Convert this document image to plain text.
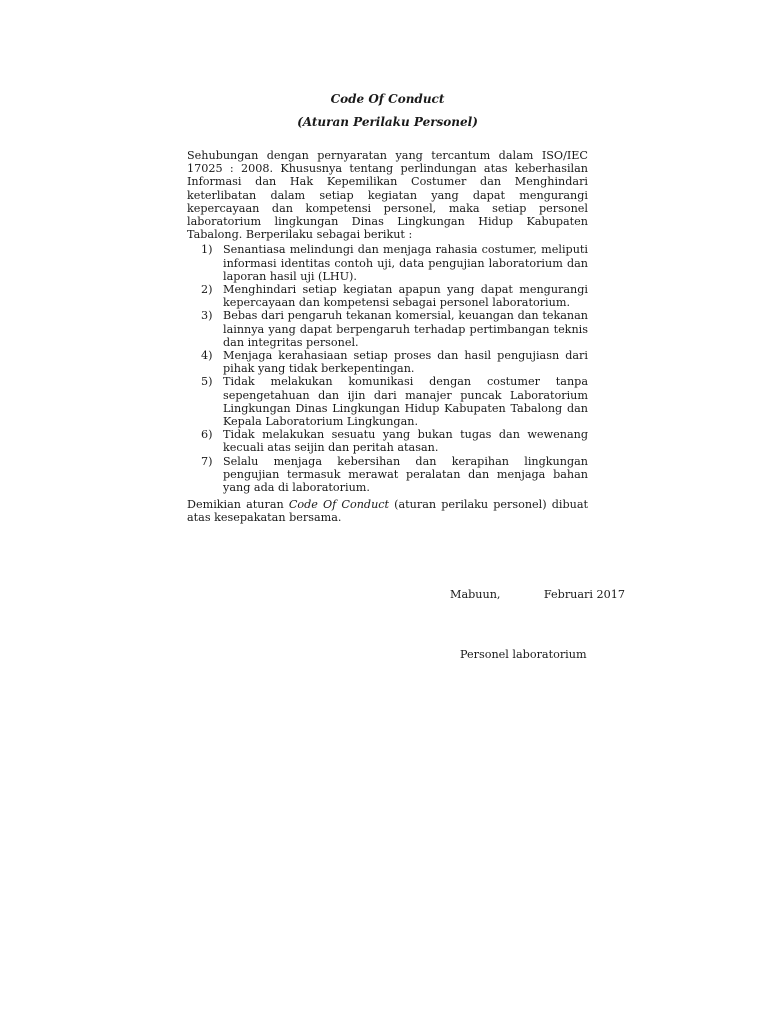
Code Of Conduct
(Aturan Perilaku Personel)

Sehubungan dengan pernyaratan yang tercantum dalam ISO/IEC 17025 : 2008. Khususnya tentang perlindungan atas keberhasilan Informasi dan Hak Kepemilikan Costumer dan Menghindari keterlibatan dalam setiap kegiatan yang dapat mengurangi kepercayaan dan kompetensi personel, maka setiap personel laboratorium lingkungan Dinas Lingkungan Hidup Kabupaten Tabalong. Berperilaku sebagai berikut :

1) Senantiasa melindungi dan menjaga rahasia costumer, meliputi informasi identitas contoh uji, data pengujian laboratorium dan laporan hasil uji (LHU).
2) Menghindari setiap kegiatan apapun yang dapat mengurangi kepercayaan dan kompetensi sebagai personel laboratorium.
3) Bebas dari pengaruh tekanan komersial, keuangan dan tekanan lainnya yang dapat berpengaruh terhadap pertimbangan teknis dan integritas personel.
4) Menjaga kerahasiaan setiap proses dan hasil pengujiasn dari pihak yang tidak berkepentingan.
5) Tidak melakukan komunikasi dengan costumer tanpa sepengetahuan dan ijin dari manajer puncak Laboratorium Lingkungan Dinas Lingkungan Hidup Kabupaten Tabalong dan Kepala Laboratorium Lingkungan.
6) Tidak melakukan sesuatu yang bukan tugas dan wewenang kecuali atas seijin dan peritah atasan.
7) Selalu menjaga kebersihan dan kerapihan lingkungan pengujian termasuk merawat peralatan dan menjaga bahan yang ada di laboratorium.

Demikian aturan Code Of Conduct (aturan perilaku personel) dibuat atas kesepakatan bersama.

Mabuun,	Februari 2017
Personel laboratorium
